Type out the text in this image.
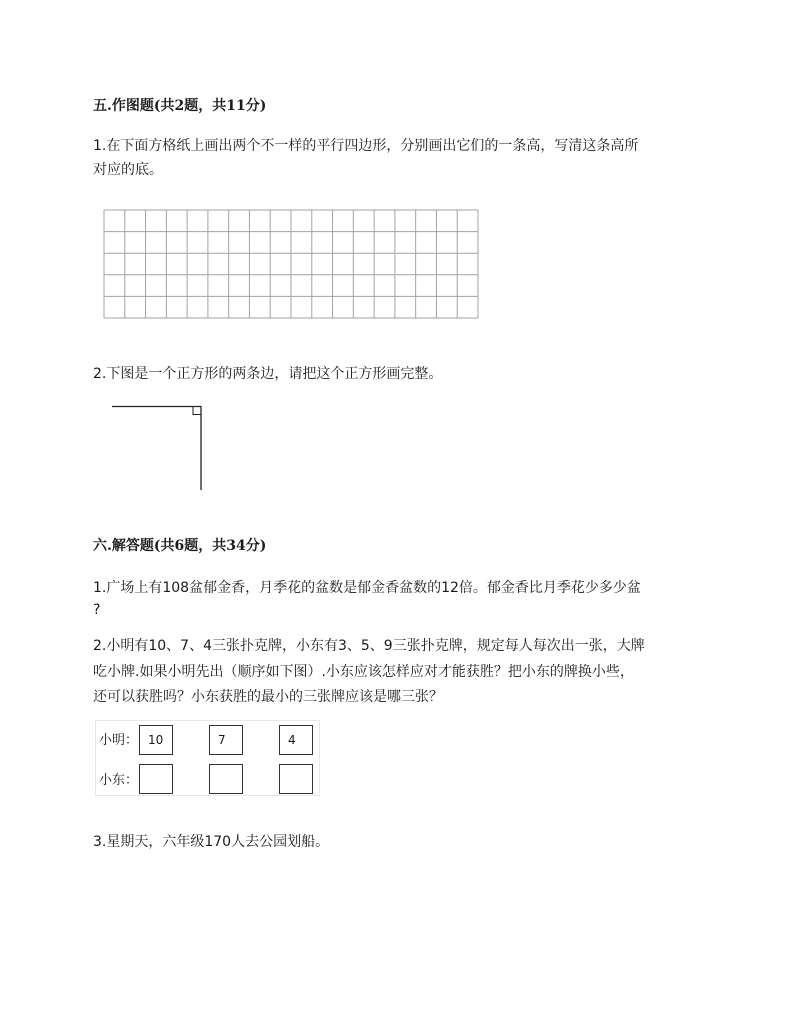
五.作图题(共2题，共11分)
1.在下面方格纸上画出两个不一样的平行四边形，分别画出它们的一条高，写清这条高所
对应的底。
2.下图是一个正方形的两条边，请把这个正方形画完整。
六.解答题(共6题，共34分)
1.广场上有108盆郁金香，月季花的盆数是郁金香盆数的12倍。郁金香比月季花少多少盆
?
2.小明有10、7、4三张扑克牌，小东有3、5、9三张扑克牌，规定每人每次出一张，大牌
吃小牌.如果小明先出（顺序如下图）.小东应该怎样应对才能获胜？把小东的牌换小些，
还可以获胜吗？小东获胜的最小的三张牌应该是哪三张？
小明：
小东：
10	7	4
3.星期天，六年级170人去公园划船。
